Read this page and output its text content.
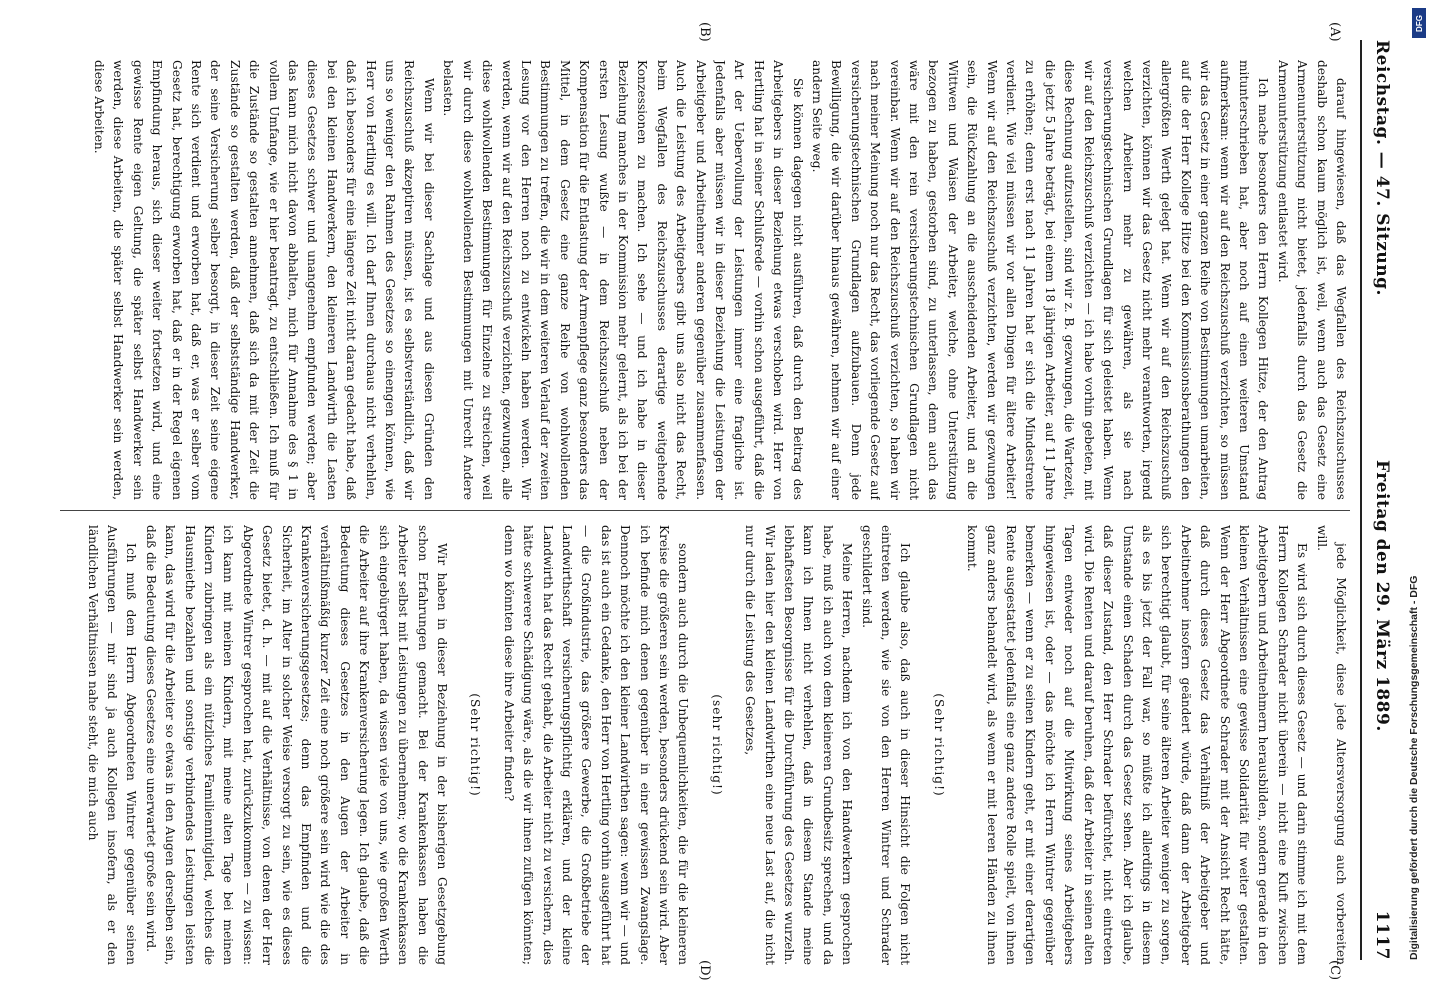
Reichstag. — 47. Sitzung.
Freitag den 29. März 1889.
1117
(A)
(B)
(C)
(D)

darauf hingewiesen, daß das Wegfallen des Reichszuschusses deshalb schon kaum möglich ist, weil, wenn auch das Gesetz eine Armenunterstützung nicht bietet, jedenfalls durch das Gesetz die Armenunterstützung entlastet wird.

Ich mache besonders den Herrn Kollegen Hitze, der den Antrag mitunterschrieben hat, aber noch auf einen weiteren Umstand aufmerksam: wenn wir auf den Reichszuschuß verzichten, so müssen wir das Gesetz in einer ganzen Reihe von Bestimmungen umarbeiten, auf die der Herr Kollege Hitze bei den Kommissionsberathungen den allergrößten Werth gelegt hat. Wenn wir auf den Reichszuschuß verzichten, können wir das Gesetz nicht mehr verantworten, irgend welchen Arbeitern mehr zu gewähren, als sie nach versicherungstechnischen Grundlagen für sich geleistet haben. Wenn wir auf den Reichszuschuß verzichten — ich habe vorhin gebeten, mit diese Rechnung aufzustellen, sind wir z. B. gezwungen, die Wartezeit, die jetzt 5 Jahre beträgt, bei einem 18 jährigen Arbeiter, auf 11 Jahre zu erhöhen; denn erst nach 11 Jahren hat er sich die Mindestrente verdient. Wie viel müssen wir vor allen Dingen für ältere Arbeiter! Wenn wir auf den Reichszuschuß verzichten, werden wir gezwungen sein, die Rückzahlung an die ausscheidenden Arbeiter, und an die Wittwen und Waisen der Arbeiter, welche, ohne Unterstützung bezogen zu haben, gestorben sind, zu unterlassen, denn auch das wäre mit den rein versicherungstechnischen Grundlagen nicht vereinbar. Wenn wir auf den Reichszuschuß verzichten, so haben wir nach meiner Meinung noch nur das Recht, das vorliegende Gesetz auf versicherungstechnischen Grundlagen aufzubauen. Denn jede Bewilligung, die wir darüber hinaus gewähren, nehmen wir auf einer andern Seite weg.

Sie können dagegen nicht ausführen, daß durch den Beitrag des Arbeitgebers in dieser Beziehung etwas verschoben wird. Herr von Hertling hat in seiner Schlußrede — vorhin schon ausgeführt, daß die Art der Uebervollung der Leistungen immer eine fragliche ist. Jedenfalls aber müssen wir in dieser Beziehung die Leistungen der Arbeitgeber und Arbeitnehmer anderen gegenüber zusammenfassen. Auch die Leistung des Arbeitgebers gibt uns also nicht das Recht, beim Wegfallen des Reichszuschusses derartige weitgehende Konzessionen zu machen. Ich sehe — und ich habe in dieser Beziehung manches in der Kommission mehr gelernt, als ich bei der ersten Lesung wußte — in dem Reichszuschuß neben der Kompensation für die Entlastung der Armenpflege ganz besonders das Mittel, in dem Gesetz eine ganze Reihe von wohlwollenden Bestimmungen zu treffen, die wir in dem weiteren Verlauf der zweiten Lesung vor den Herren noch zu entwickeln haben werden. Wir werden, wenn wir auf den Reichszuschuß verzichten, gezwungen, alle diese wohlwollenden Bestimmungen für Einzelne zu streichen, weil wir durch diese wohlwollenden Bestimmungen mit Unrecht Andere belasten.

Wenn wir bei dieser Sachlage und aus diesen Gründen den Reichszuschuß akzeptiren müssen, ist es selbstverständlich, daß wir uns so weniger den Rahmen des Gesetzes so einengen können, wie Herr von Hertling es will. Ich darf Ihnen durchaus nicht verhehlen, daß ich besonders für eine längere Zeit nicht daran gedacht habe, daß bei den kleinen Handwerkern, den kleineren Landwirth die Lasten dieses Gesetzes schwer und unangenehm empfunden werden; aber das kann mich nicht davon abhalten, mich für Annahme des § 1 in vollem Umfange, wie er hier beantragt, zu entschließen. Ich muß für die Zustände so gestalten annehmen, daß sich da mit der Zeit die Zustände so gestalten werden, daß der selbstständige Handwerker, der seine Versicherung selber besorgt, in dieser Zeit seine eigene Rente sich verdient und erworben hat, daß er, was er selber vom Gesetz hat, berechtigung erworben hat, daß er in der Regel eigenen Empfindung heraus, sich dieser weiter fortsetzen wird, und eine gewisse Rente eigen Geltung, die später selbst Handwerker sein werden, diese Arbeiten, die später selbst Handwerker sein werden, diese Arbeiten.

jede Möglichkeit, diese jede Altersversorgung auch vorbereiten will.

Es wird sich durch dieses Gesetz — und darin stimme ich mit dem Herrn Kollegen Schrader nicht überein — nicht eine Kluft zwischen Arbeitgebern und Arbeitnehmern herausbilden, sondern gerade in den kleinen Verhältnissen eine gewisse Solidarität für weiter gestalten. Wenn der Herr Abgeordnete Schrader mit der Ansicht Recht hätte, daß durch dieses Gesetz das Verhältniß der Arbeitgeber und Arbeitnehmer insofern geändert würde, daß dann der Arbeitgeber sich berechtigt glaubt, für seine älteren Arbeiter weniger zu sorgen, als es bis jetzt der Fall war, so müßte ich allerdings in diesem Umstande einen Schaden durch das Gesetz sehen. Aber ich glaube, daß dieser Zustand, den Herr Schrader befürchtet, nicht eintreten wird. Die Renten und darauf beruhen, daß der Arbeiter in seinen alten Tagen entweder noch auf die Mitwirkung seines Arbeitgebers hingewiesen ist, oder — das möchte ich Herrn Wintrer gegenüber bemerken — wenn er zu seinen Kindern geht, er mit einer derartigen Rente ausgestattet jedenfalls eine ganz andere Rolle spielt, von ihnen ganz anders behandelt wird, als wenn er mit leeren Händen zu ihnen kommt.

(Sehr richtig!)

Ich glaube also, daß auch in dieser Hinsicht die Folgen nicht eintreten werden, wie sie von den Herren Wintrer und Schrader geschildert sind.

Meine Herren, nachdem ich von den Handwerkern gesprochen habe, muß ich auch von dem kleineren Grundbesitz sprechen, und da kann ich Ihnen nicht verhehlen, daß in diesem Stande meine lebhaftesten Besorgnisse für die Durchführung des Gesetzes wurzeln. Wir laden hier den kleinen Landwirthen eine neue Last auf, die nicht nur durch die Leistung des Gesetzes,

(sehr richtig!)

sondern auch durch die Unbequemlichkeiten, die für die kleineren Kreise die größeren sein werden, besonders drückend sein wird. Aber ich befinde mich denen gegenüber in einer gewissen Zwangslage. Dennoch möchte ich den kleiner Landwirthen sagen: wenn wir — und das ist auch ein Gedanke, den Herr von Hertling vorhin ausgeführt hat — die Großindustrie, das größere Gewerbe, die Großbetriebe der Landwirthschaft versicherungspflichtig erklären, und der kleine Landwirth hat das Recht gehabt, die Arbeiter nicht zu versichern, dies hätte schwerere Schädigung wäre, als die wir ihnen zufügen könnten; denn wo könnten diese ihre Arbeiter finden?

(Sehr richtig!)

Wir haben in dieser Beziehung in der bisherigen Gesetzgebung schon Erfahrungen gemacht. Bei der Krankenkassen haben die Arbeiter selbst mit Leistungen zu übernehmen; wo die Krankenkassen sich eingebürgert haben, da wissen viele von uns, wie großen Werth die Arbeiter auf ihre Krankenversicherung legen. Ich glaube, daß die Bedeutung dieses Gesetzes in den Augen der Arbeiter in verhältnißmäßig kurzer Zeit eine noch größere sein wird wie die des Krankenversicherungsgesetzes; denn das Empfinden und die Sicherheit, im Alter in solcher Weise versorgt zu sein, wie es dieses Gesetz bietet, d. h. — mit auf die Verhältnisse, von denen der Herr Abgeordnete Wintrer gesprochen hat, zurückzukommen — zu wissen: ich kann mit meinen Kindern, mit meine alten Tage bei meinen Kindern zubringen als ein nützliches Familienmitglied, welches die Hausmiethe bezahlen und sonstige verbindendes Leistungen leisten kann, das wird für die Arbeiter so etwas in den Augen derselben sein, daß die Bedeutung dieses Gesetzes eine unerwartet große sein wird.

Ich muß dem Herrn Abgeordneten Wintrer gegenüber seinen Ausführungen — mir sind ja auch Kollegen insofern, als er den ländlichen Verhältnissen nahe steht, die mich auch

DFG
Digitalisierung gefördert durch die Deutsche Forschungsgemeinschaft - DFG
